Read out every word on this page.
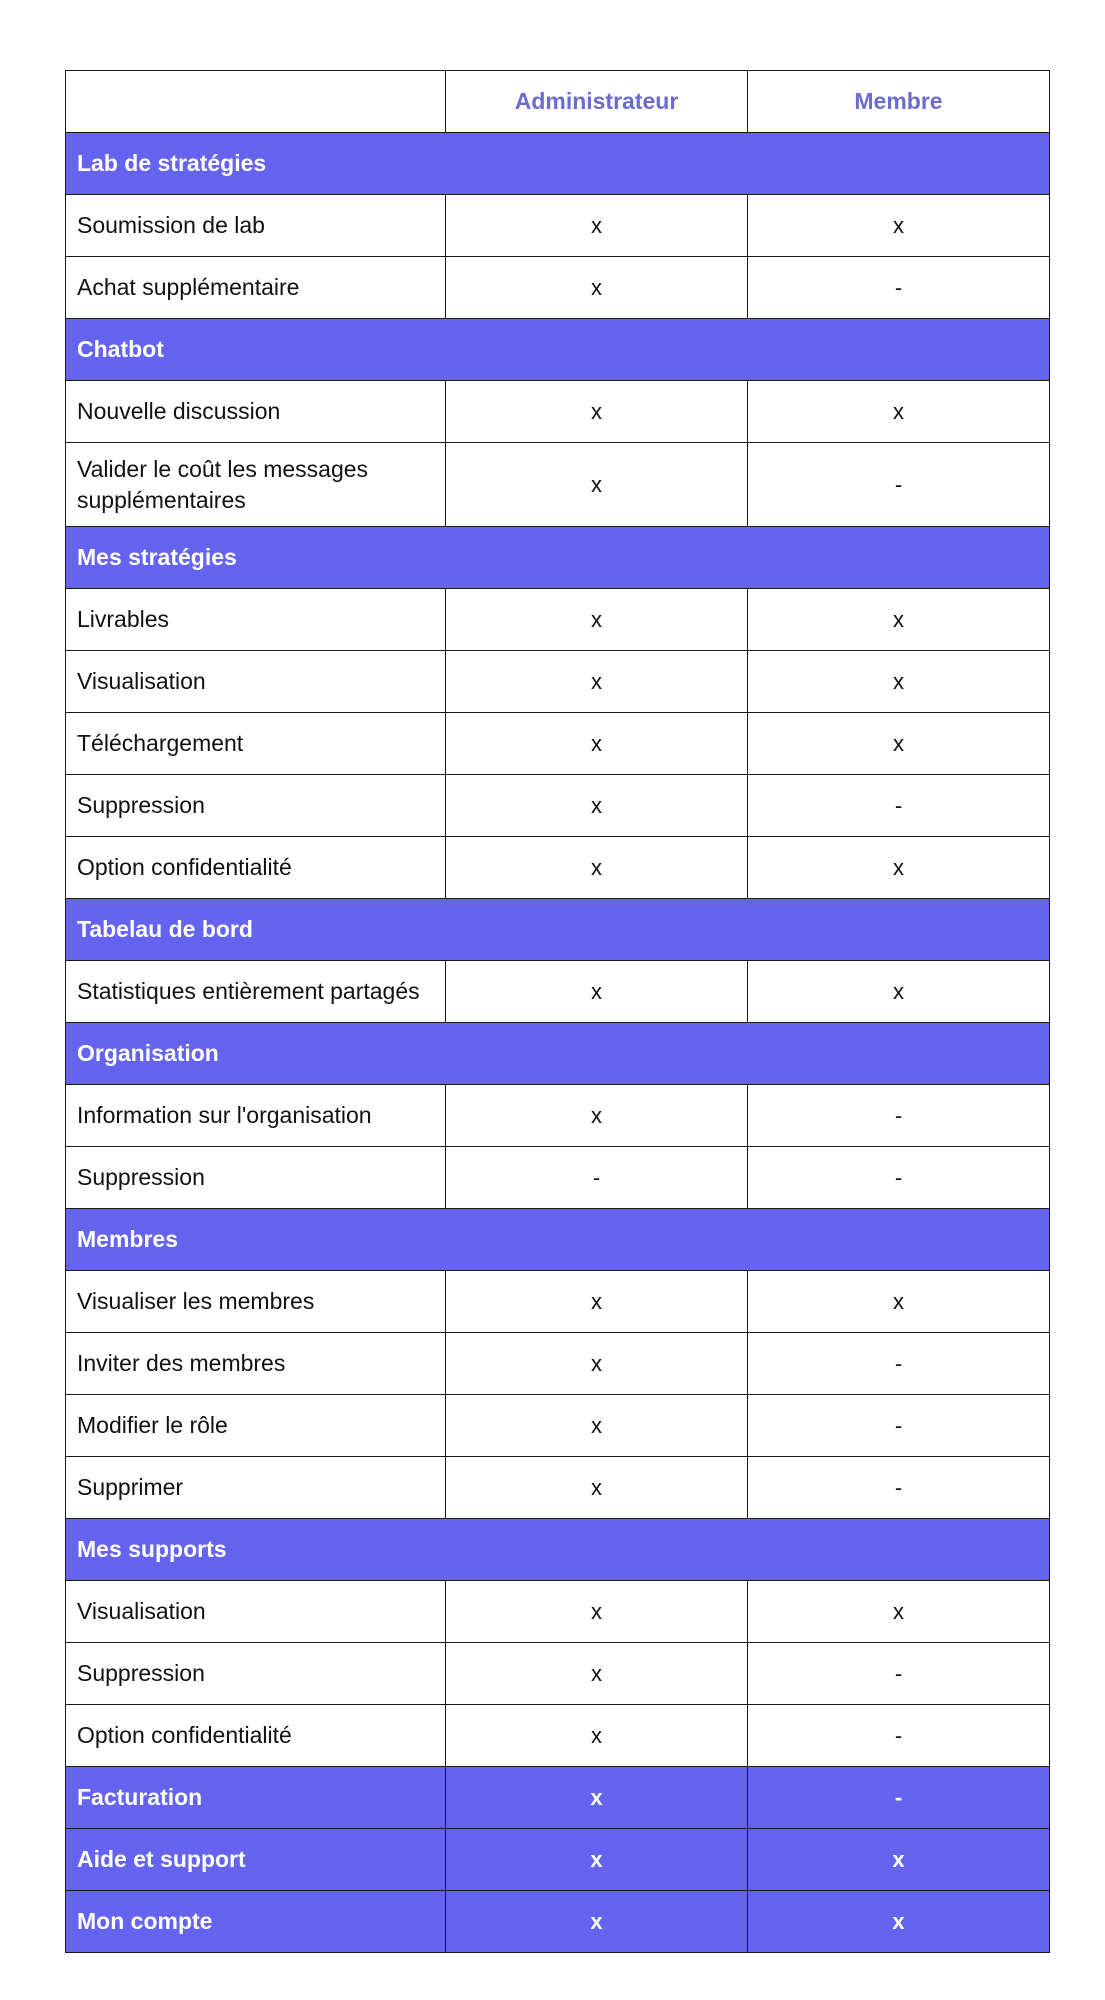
	Administrateur	Membre
Lab de stratégies		
Soumission de lab	x	x
Achat supplémentaire	x	-
Chatbot		
Nouvelle discussion	x	x
Valider le coût les messages supplémentaires	x	-
Mes stratégies		
Livrables	x	x
Visualisation	x	x
Téléchargement	x	x
Suppression	x	-
Option confidentialité	x	x
Tabelau de bord		
Statistiques entièrement partagés	x	x
Organisation		
Information sur l'organisation	x	-
Suppression	-	-
Membres		
Visualiser les membres	x	x
Inviter des membres	x	-
Modifier le rôle	x	-
Supprimer	x	-
Mes supports		
Visualisation	x	x
Suppression	x	-
Option confidentialité	x	-
Facturation	x	-
Aide et support	x	x
Mon compte	x	x
